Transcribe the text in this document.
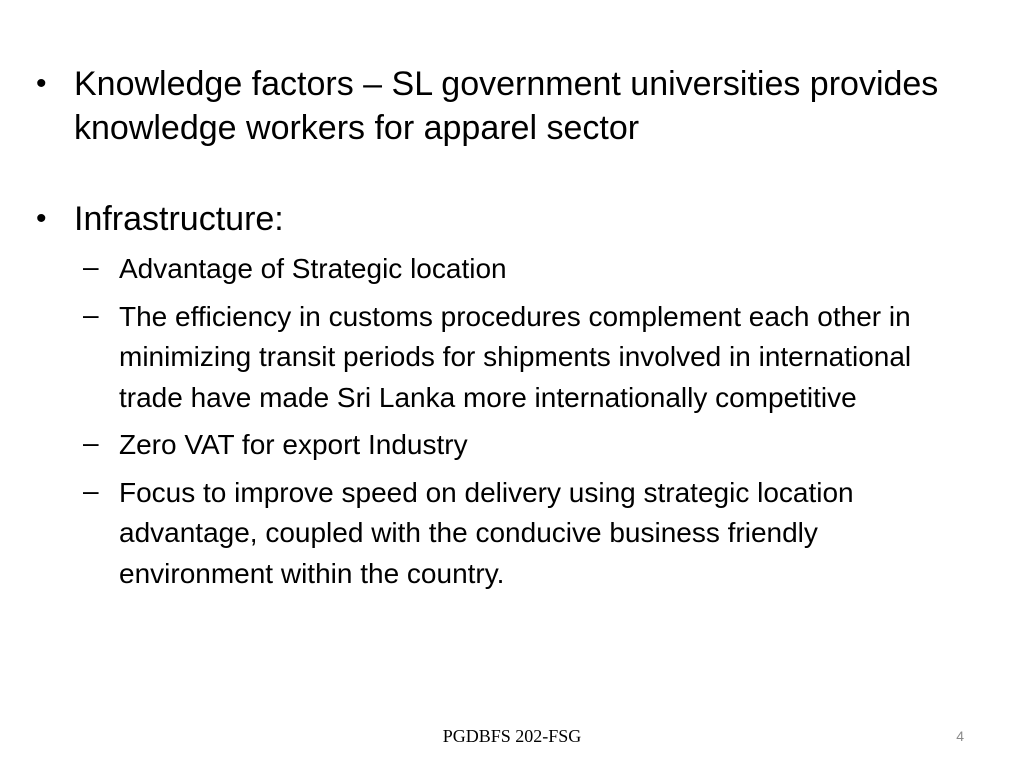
• Knowledge factors – SL government universities provides knowledge workers for apparel sector
• Infrastructure:
– Advantage of Strategic location
– The efficiency in customs procedures complement each other in minimizing transit periods for shipments involved in international trade have made Sri Lanka more internationally competitive
– Zero VAT for export Industry
– Focus to improve speed on delivery using strategic location advantage, coupled with the conducive business friendly environment within the country.
PGDBFS 202-FSG	4
